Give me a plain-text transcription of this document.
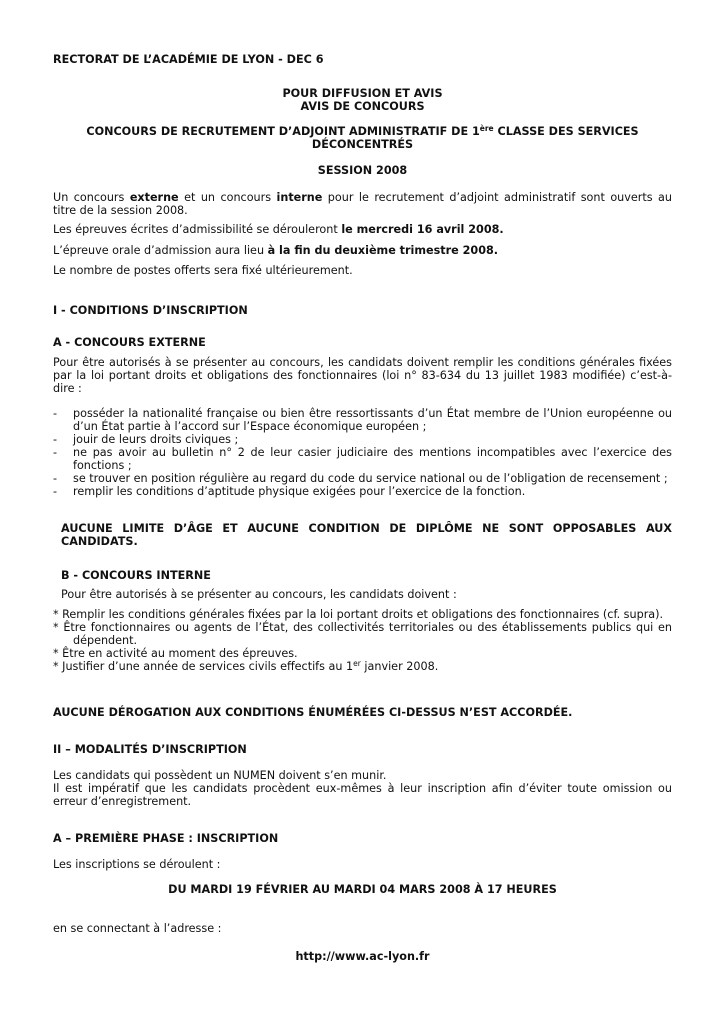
RECTORAT DE L’ACADÉMIE DE LYON - DEC 6

POUR DIFFUSION ET AVIS

AVIS DE CONCOURS

CONCOURS DE RECRUTEMENT D’ADJOINT ADMINISTRATIF DE 1ère CLASSE DES SERVICES DÉCONCENTRÉS

SESSION 2008

Un concours externe et un concours interne pour le recrutement d’adjoint administratif sont ouverts au titre de la session 2008.

Les épreuves écrites d’admissibilité se dérouleront le mercredi 16 avril 2008.

L’épreuve orale d’admission aura lieu à la fin du deuxième trimestre 2008.

Le nombre de postes offerts sera fixé ultérieurement.

I - CONDITIONS D’INSCRIPTION

A - CONCOURS EXTERNE

Pour être autorisés à se présenter au concours, les candidats doivent remplir les conditions générales fixées par la loi portant droits et obligations des fonctionnaires (loi n° 83-634 du 13 juillet 1983 modifiée) c’est-à-dire :

- posséder la nationalité française ou bien être ressortissants d’un État membre de l’Union européenne ou d’un État partie à l’accord sur l’Espace économique européen ;
- jouir de leurs droits civiques ;
- ne pas avoir au bulletin n° 2 de leur casier judiciaire des mentions incompatibles avec l’exercice des fonctions ;
- se trouver en position régulière au regard du code du service national ou de l’obligation de recensement ;
- remplir les conditions d’aptitude physique exigées pour l’exercice de la fonction.

AUCUNE LIMITE D’ÂGE ET AUCUNE CONDITION DE DIPLÔME NE SONT OPPOSABLES AUX CANDIDATS.

B - CONCOURS INTERNE

Pour être autorisés à se présenter au concours, les candidats doivent :

* Remplir les conditions générales fixées par la loi portant droits et obligations des fonctionnaires (cf. supra).
* Être fonctionnaires ou agents de l’État, des collectivités territoriales ou des établissements publics qui en dépendent.
* Être en activité au moment des épreuves.
* Justifier d’une année de services civils effectifs au 1er janvier 2008.

AUCUNE DÉROGATION AUX CONDITIONS ÉNUMÉRÉES CI-DESSUS N’EST ACCORDÉE.

II – MODALITÉS D’INSCRIPTION

Les candidats qui possèdent un NUMEN doivent s’en munir.

Il est impératif que les candidats procèdent eux-mêmes à leur inscription afin d’éviter toute omission ou erreur d’enregistrement.

A – PREMIÈRE PHASE : INSCRIPTION

Les inscriptions se déroulent :

DU MARDI 19 FÉVRIER AU MARDI 04 MARS 2008 À 17 HEURES

en se connectant à l’adresse :

http://www.ac-lyon.fr
